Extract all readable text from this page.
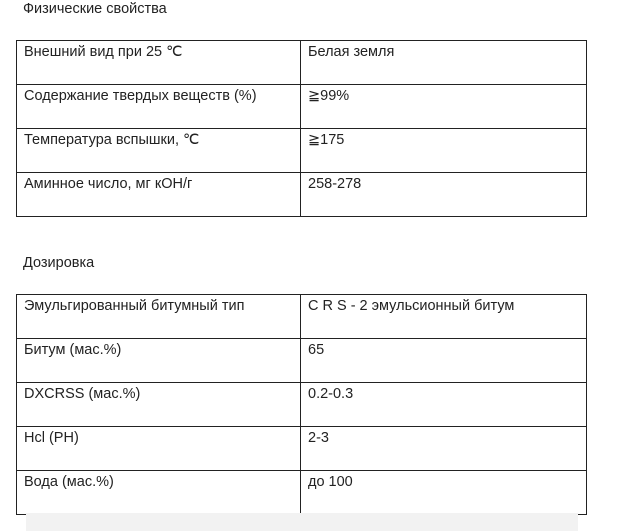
Физические свойства
Внешний вид при 25 ℃	Белая земля
Содержание твердых веществ (%)	≧99%
Температура вспышки, ℃	≧175
Аминное число, мг кОН/г	258-278
Дозировка
Эмульгированный битумный тип	C R S - 2 эмульсионный битум
Битум (мас.%)	65
DXCRSS (мас.%)	0.2-0.3
Hcl (PH)	2-3
Вода (мас.%)	до 100
